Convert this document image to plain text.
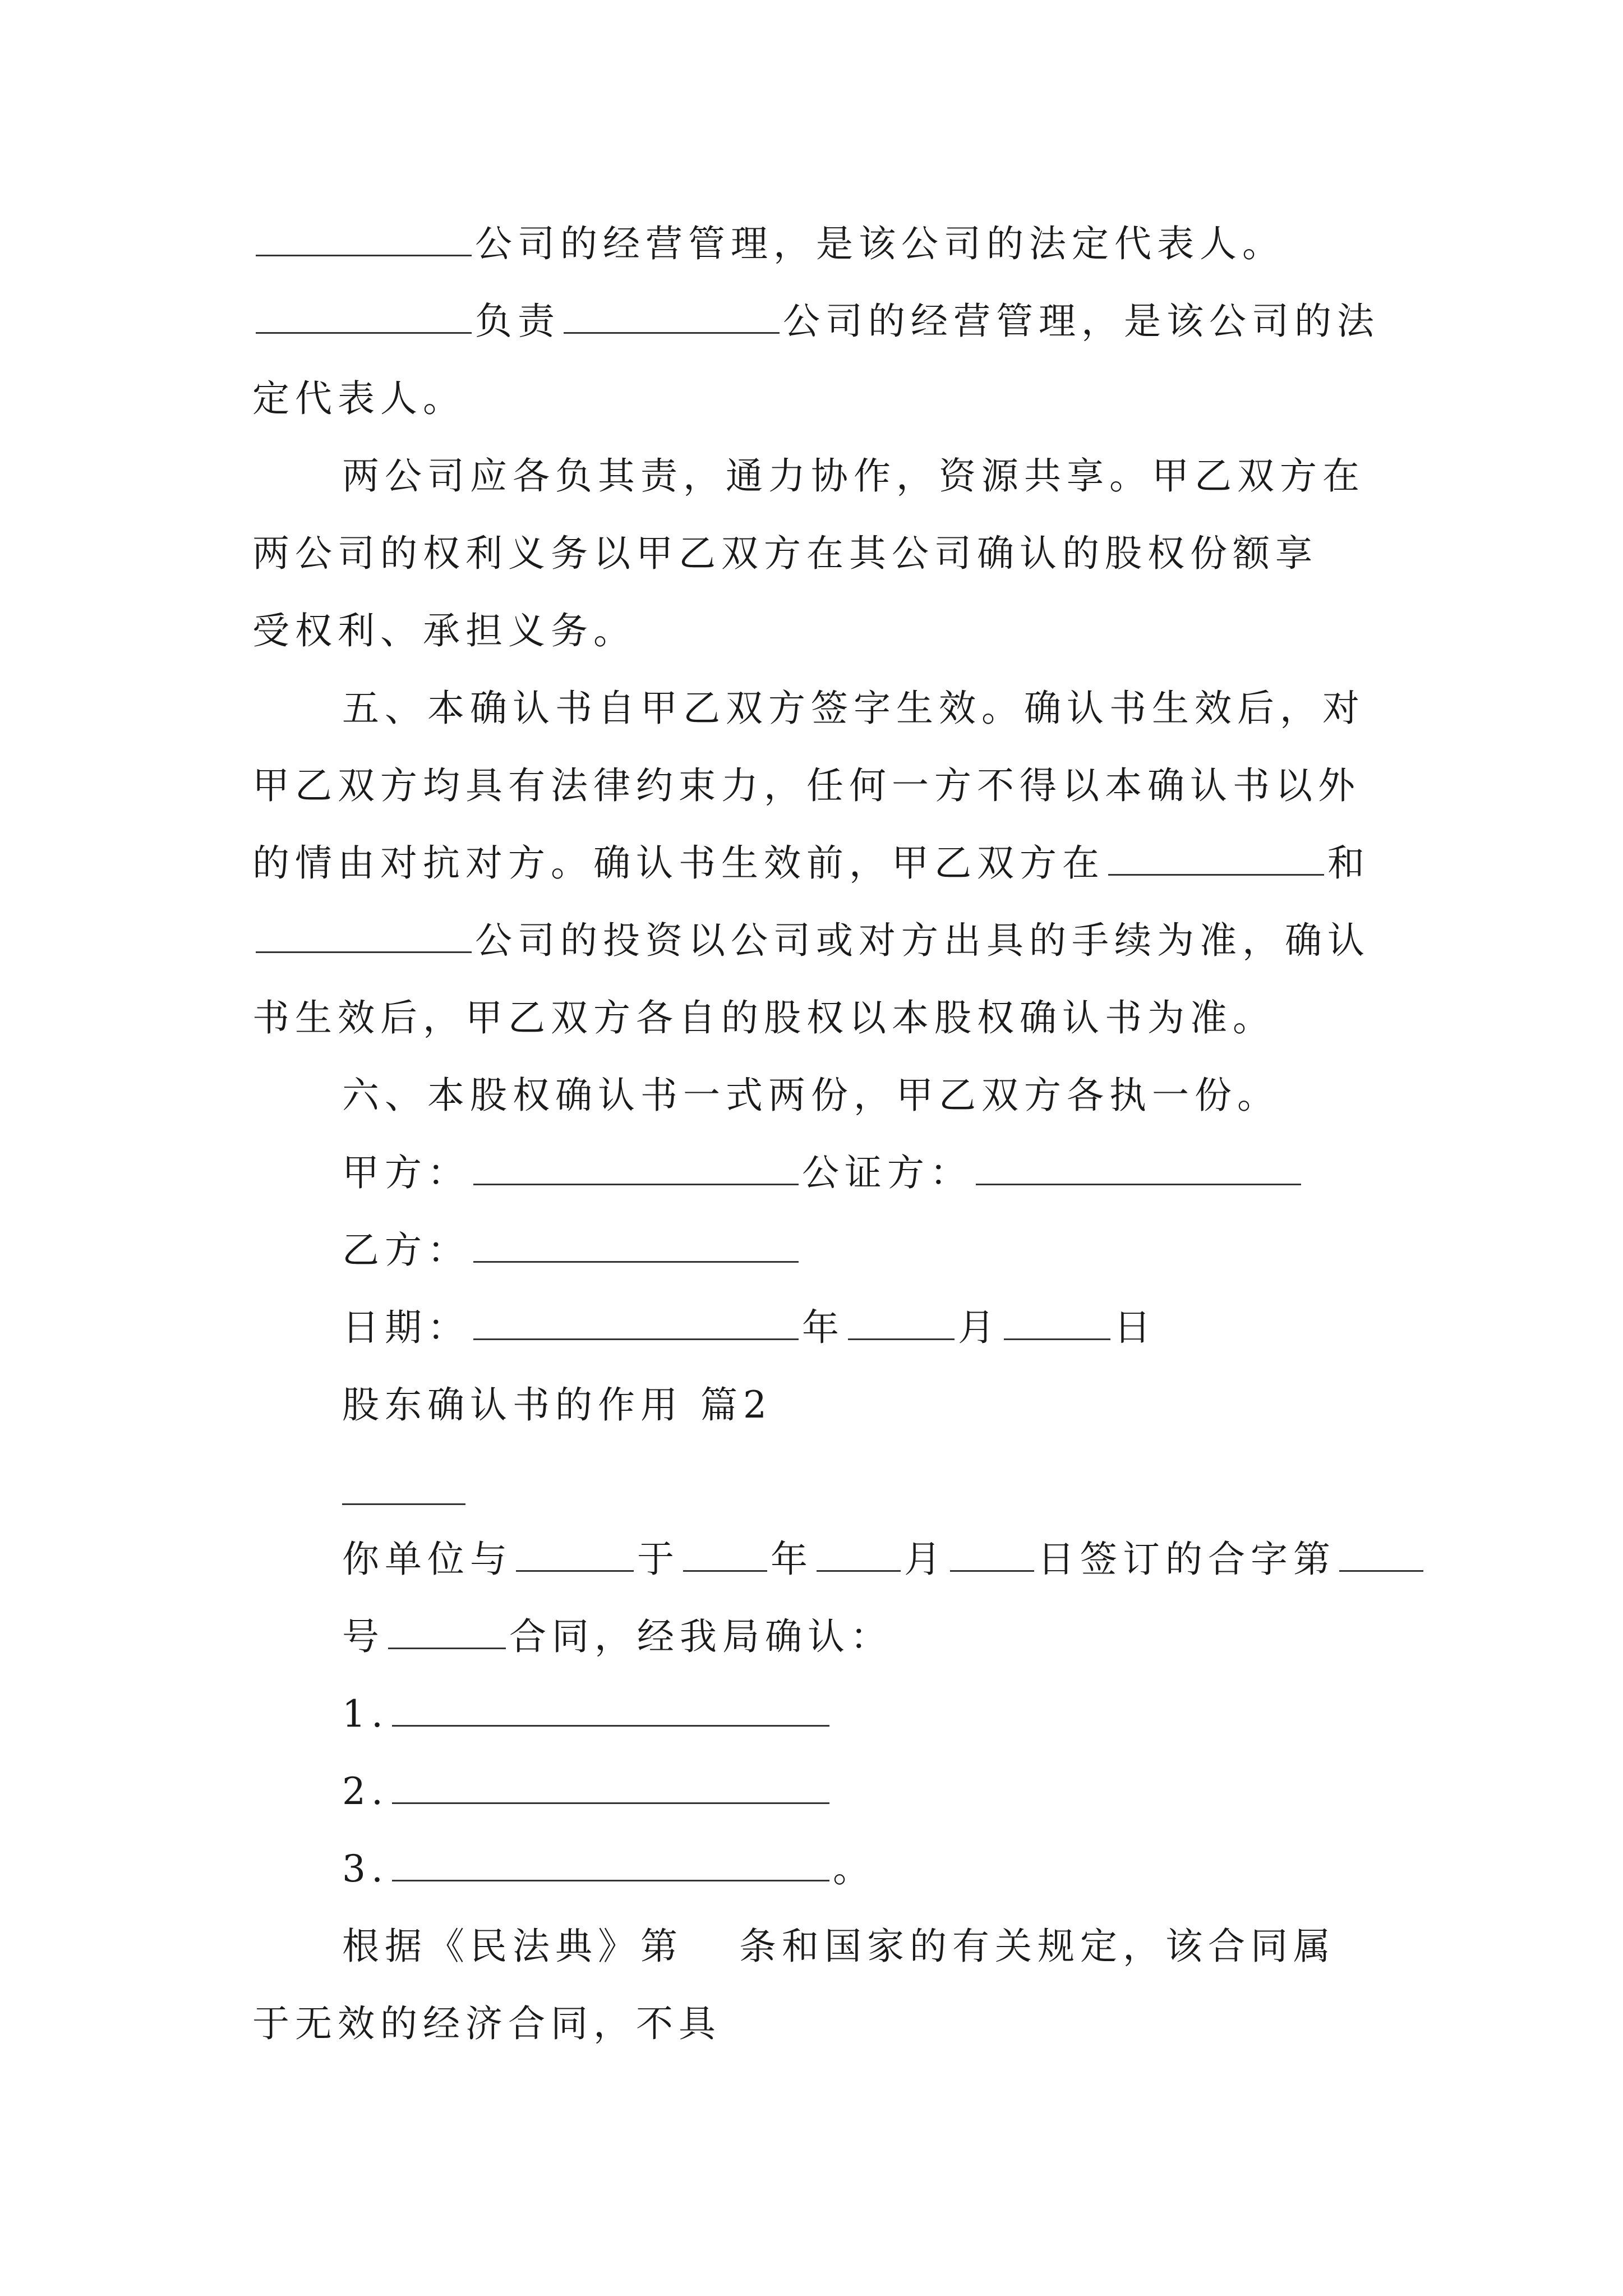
公司的经营管理，是该公司的法定代表人。
负责	公司的经营管理，是该公司的法
定代表人。
两公司应各负其责，通力协作，资源共享。甲乙双方在
两公司的权利义务以甲乙双方在其公司确认的股权份额享
受权利、承担义务。
五、本确认书自甲乙双方签字生效。确认书生效后，对
甲乙双方均具有法律约束力，任何一方不得以本确认书以外
的情由对抗对方。确认书生效前，甲乙双方在	和
公司的投资以公司或对方出具的手续为准，确认
书生效后，甲乙双方各自的股权以本股权确认书为准。
六、本股权确认书一式两份，甲乙双方各执一份。
甲方：	公证方：
乙方：
日期：	年	月	日
股东确认书的作用 篇2
你单位与	于 年 月 日签订的合字第
号	合同，经我局确认：
1.
2.
3.	。
根据《民法典》第 条和国家的有关规定，该合同属
于无效的经济合同，不具
